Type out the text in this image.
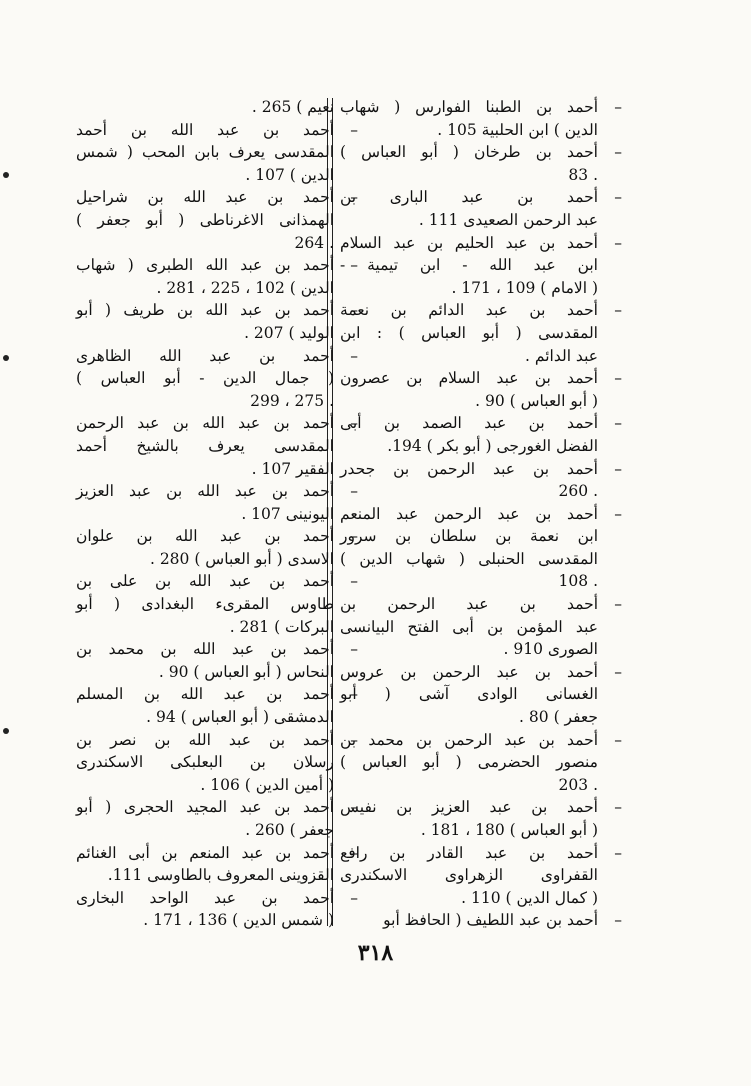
– أحمد بن الطبنا الفوارس ( شهاب
الدين ) ابن الحلبية 105 .
– أحمد بن طرخان ( أبو العباس )
. 83
– أحمد بن عبد البارى بن
عبد الرحمن الصعيدى 111 .
– أحمد بن عبد الحليم بن عبد السلام
ابن عبد الله - ابن تيمية -
( الامام ) 109 ، 171 .
– أحمد بن عبد الدائم بن نعمة
المقدسى ( أبو العباس ) : ابن
عبد الدائم .
– أحمد بن عبد السلام بن عصرون
( أبو العباس ) 90 .
– أحمد بن عبد الصمد بن أبى
الفضل الغورجى ( أبو بكر ) 194.
– أحمد بن عبد الرحمن بن جحدر
. 260
– أحمد بن عبد الرحمن عبد المنعم
ابن نعمة بن سلطان بن سرور
المقدسى الحنبلى ( شهاب الدين )
. 108
– أحمد بن عبد الرحمن بن
عبد المؤمن بن أبى الفتح البيانسى
الصورى 910 .
– أحمد بن عبد الرحمن بن عروس
الغسانى الوادى آشى ( أبو
جعفر ) 80 .
– أحمد بن عبد الرحمن بن محمد بن
منصور الحضرمى ( أبو العباس )
. 203
– أحمد بن عبد العزيز بن نفيس
( أبو العباس ) 180 ، 181 .
– أحمد بن عبد القادر بن رافع
القفراوى الزهراوى الاسكندرى
( كمال الدين ) 110 .
– أحمد بن عبد اللطيف ( الحافظ أبو
نعيم ) 265 .
– أحمد بن عبد الله بن أحمد
المقدسى يعرف بابن المحب ( شمس
الدين ) 107 .
– أحمد بن عبد الله بن شراحيل
الهمذانى الاغرناطى ( أبو جعفر )
. 264
– أحمد بن عبد الله الطبرى ( شهاب
الدين ) 102 ، 225 ، 281 .
– أحمد بن عبد الله بن طريف ( أبو
الوليد ) 207 .
– أحمد بن عبد الله الظاهرى
( جمال الدين - أبو العباس )
. 275 ، 299
– أحمد بن عبد الله بن عبد الرحمن
المقدسى يعرف بالشيخ أحمد
الفقير 107 .
– أحمد بن عبد الله بن عبد العزيز
اليونينى 107 .
– أحمد بن عبد الله بن علوان
الاسدى ( أبو العباس ) 280 .
– أحمد بن عبد الله بن على بن
طاوس المقرىء البغدادى ( أبو
البركات ) 281 .
– أحمد بن عبد الله بن محمد بن
النحاس ( أبو العباس ) 90 .
– أحمد بن عبد الله بن المسلم
الدمشقى ( أبو العباس ) 94 .
– أحمد بن عبد الله بن نصر بن
رسلان بن البعلبكى الاسكندرى
( أمين الدين ) 106 .
– أحمد بن عبد المجيد الحجرى ( أبو
جعفر ) 260 .
– أحمد بن عبد المنعم بن أبى الغنائم
القزوينى المعروف بالطاوسى 111.
– أحمد بن عبد الواحد البخارى
( شمس الدين ) 136 ، 171 .
٣١٨
